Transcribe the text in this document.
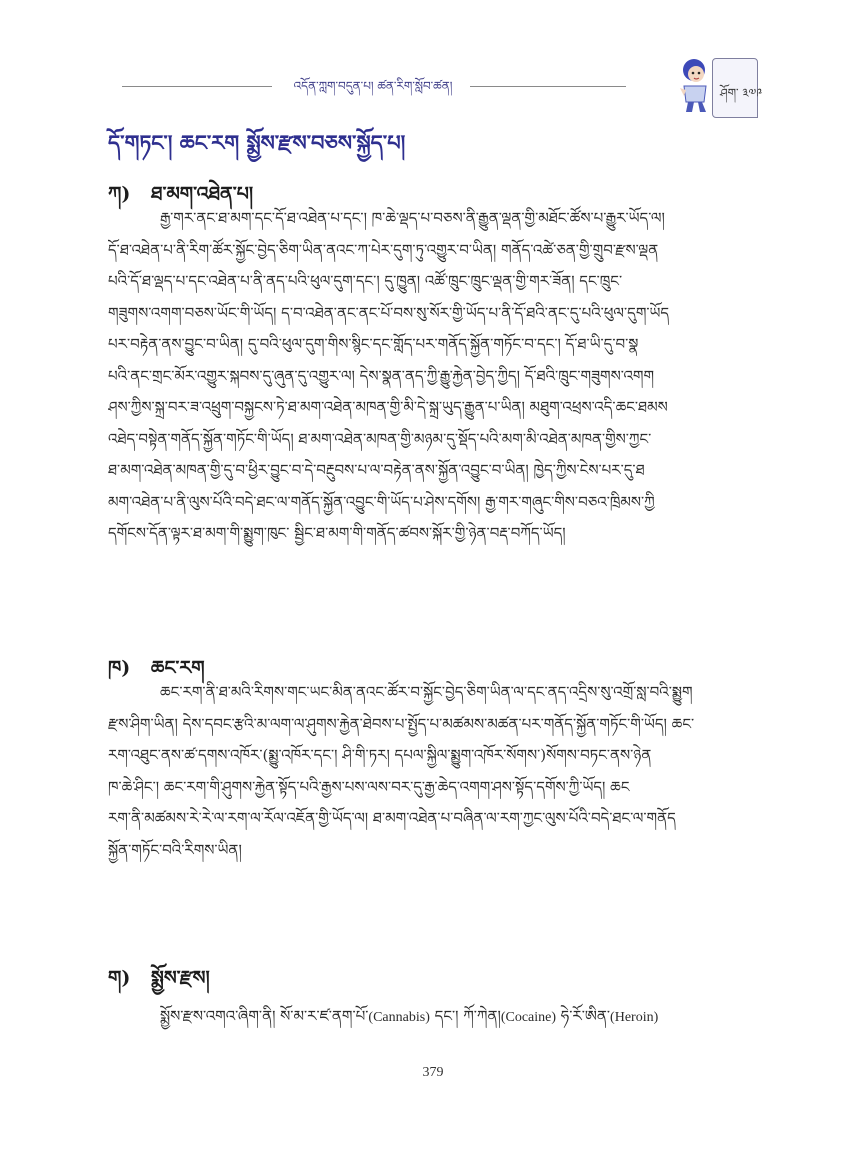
འདོན་ཀླག་བདུན་པ། ཚན་རིག་སློབ་ཚན།	ཤོག་ ༣༧༩
དོ་གཏང་། ཆང་རག སྨྱོས་རྫས་བཅས་སྐྱོད་པ།
ཀ) ཐ་མག་འཐེན་པ།
རྒྱ་གར་ནང་ཐ་མག་དང་དོ་ཐ་འཐེན་པ་དང་། ཁ་ཆེ་ལྡད་པ་བཅས་ནི་རྒྱུན་ལྡན་གྱི་མཐོང་ཚོས་པ་རྒྱུར་ཡོད་ལ།
དོ་ཐ་འཐེན་པ་ནི་རིག་ཚོར་སྐྱོང་བྱེད་ཅིག་ཡིན་ནའང་ཀ་པེར་དུག་ཏུ་འགྱུར་བ་ཡིན། གནོད་འཚེ་ཅན་གྱི་གྲུབ་རྫས་ལྡན
པའི་དོ་ཐ་ལྡད་པ་དང་འཐེན་པ་ནི་ནད་པའི་ཕུལ་དུག་དང་། དུ་ཁྱུན། འཚོ་ཁྲུང་ཁྲུང་ལྡན་གྱི་གར་ཟོན། དང་ཁྲུང་
གཟུགས་འགག་བཅས་ཡོང་གི་ཡོད། ད་བ་འཐེན་ནང་ནང་པོ་བས་སུ་སོར་གྱི་ཡོད་པ་ནི་དོ་ཐའི་ནང་དུ་པའི་ཕུལ་དུག་ཡོད
པར་བརྟེན་ནས་བྱུང་བ་ཡིན། དུ་བའི་ཕུལ་དུག་གིས་སྙིང་དང་གློད་པར་གནོད་སྐྱོན་གཏོང་བ་དང་། དོ་ཐ་ཡི་དུ་བ་སྣ
པའི་ནང་གྲང་མོར་འགྱུར་སྐབས་དུ་ཞུན་དུ་འགྱུར་ལ། དེས་སྣན་ནད་ཀྱི་རྒྱུ་རྐྱེན་བྱེད་ཀྱིད། དོ་ཐའི་ཁྲུང་གཟུགས་འགག
ཤས་ཀྱིས་སྐྲ་བར་ཟ་འཕྲུག་བསྐྱངས་ཏེ་ཐ་མག་འཐེན་མཁན་གྱི་མི་དེ་སྐྲ་ཡུད་རྒྱུན་པ་ཡིན། མཐུག་འཕྲས་འདི་ཆང་ཐམས
འཐེད་བསྟེན་གནོད་སྐྱོན་གཏོང་གི་ཡོད། ཐ་མག་འཐེན་མཁན་གྱི་མཉམ་དུ་སྡོད་པའི་མག་མི་འཐེན་མཁན་གྱིས་ཀྱང་
ཐ་མག་འཐེན་མཁན་གྱི་དུ་བ་ཕྱིར་བྱུང་བ་དེ་བརྔུབས་པ་ལ་བརྟེན་ནས་སྐྱོན་འབྱུང་བ་ཡིན། ཁྱེད་ཀྱིས་ངེས་པར་དུ་ཐ
མག་འཐེན་པ་ནི་ལུས་པོའི་བདེ་ཐང་ལ་གནོད་སྐྱོན་འབྱུང་གི་ཡོད་པ་ཤེས་དགོས། རྒྱ་གར་གཞུང་གིས་བཅའ་ཁྲིམས་ཀྱི
དགོངས་དོན་ལྟར་ཐ་མག་གི་སྨྱུག་ཁུང་ སྦྱིང་ཐ་མག་གི་གནོད་ཚབས་སྐོར་གྱི་ཉེན་བརྡ་བཀོད་ཡོད།
ཁ) ཆང་རག
ཆང་རག་ནི་ཐ་མའི་རིགས་གང་ཡང་མིན་ནའང་ཚོར་བ་སྐྱོང་བྱེད་ཅིག་ཡིན་ལ་དང་ནད་འདྲིས་སུ་འགྲོ་སླ་བའི་སྨྱུག
རྫས་ཤིག་ཡིན། དེས་དབང་རྩའི་མ་ལག་ལ་ཤུགས་རྐྱེན་ཐེབས་པ་སྤྱོད་པ་མཚམས་མཚན་པར་གནོད་སྐྱོན་གཏོང་གི་ཡོད། ཆང་
རག་འཐུང་ནས་ཚ་དགས་འཁོར་(སྨྱུ་འཁོར་དང་། ཤི་གི་ཏར། དཔལ་སྐྱིལ་སྨྱུག་འཁོར་སོགས་)སོགས་བཏང་ནས་ཉེན
ཁ་ཆེ་ཤིང་། ཆང་རག་གི་ཤུགས་རྐྱེན་སྟོད་པའི་རྒྱས་པས་ལས་བར་དུ་རྒྱ་ཆེད་འགག་ཤས་སྟོད་དགོས་ཀྱི་ཡོད། ཆང
རག་ནི་མཚམས་རེ་རེ་ལ་རག་ལ་རོལ་འཇོན་གྱི་ཡོད་ལ། ཐ་མག་འཐེན་པ་བཞིན་ལ་རག་ཀྱང་ལུས་པོའི་བདེ་ཐང་ལ་གནོད
སྐྱོན་གཏོང་བའི་རིགས་ཡིན།
ག) སྨྱོས་རྫས།
སྨྱོས་རྫས་འགའ་ཞིག་ནི། སོ་མ་ར་ཛ་ནག་པོ་(Cannabis) དང་། ཀོ་ཀེན།(Cocaine) ཧེ་རོ་ཨིན་(Heroin)
379
